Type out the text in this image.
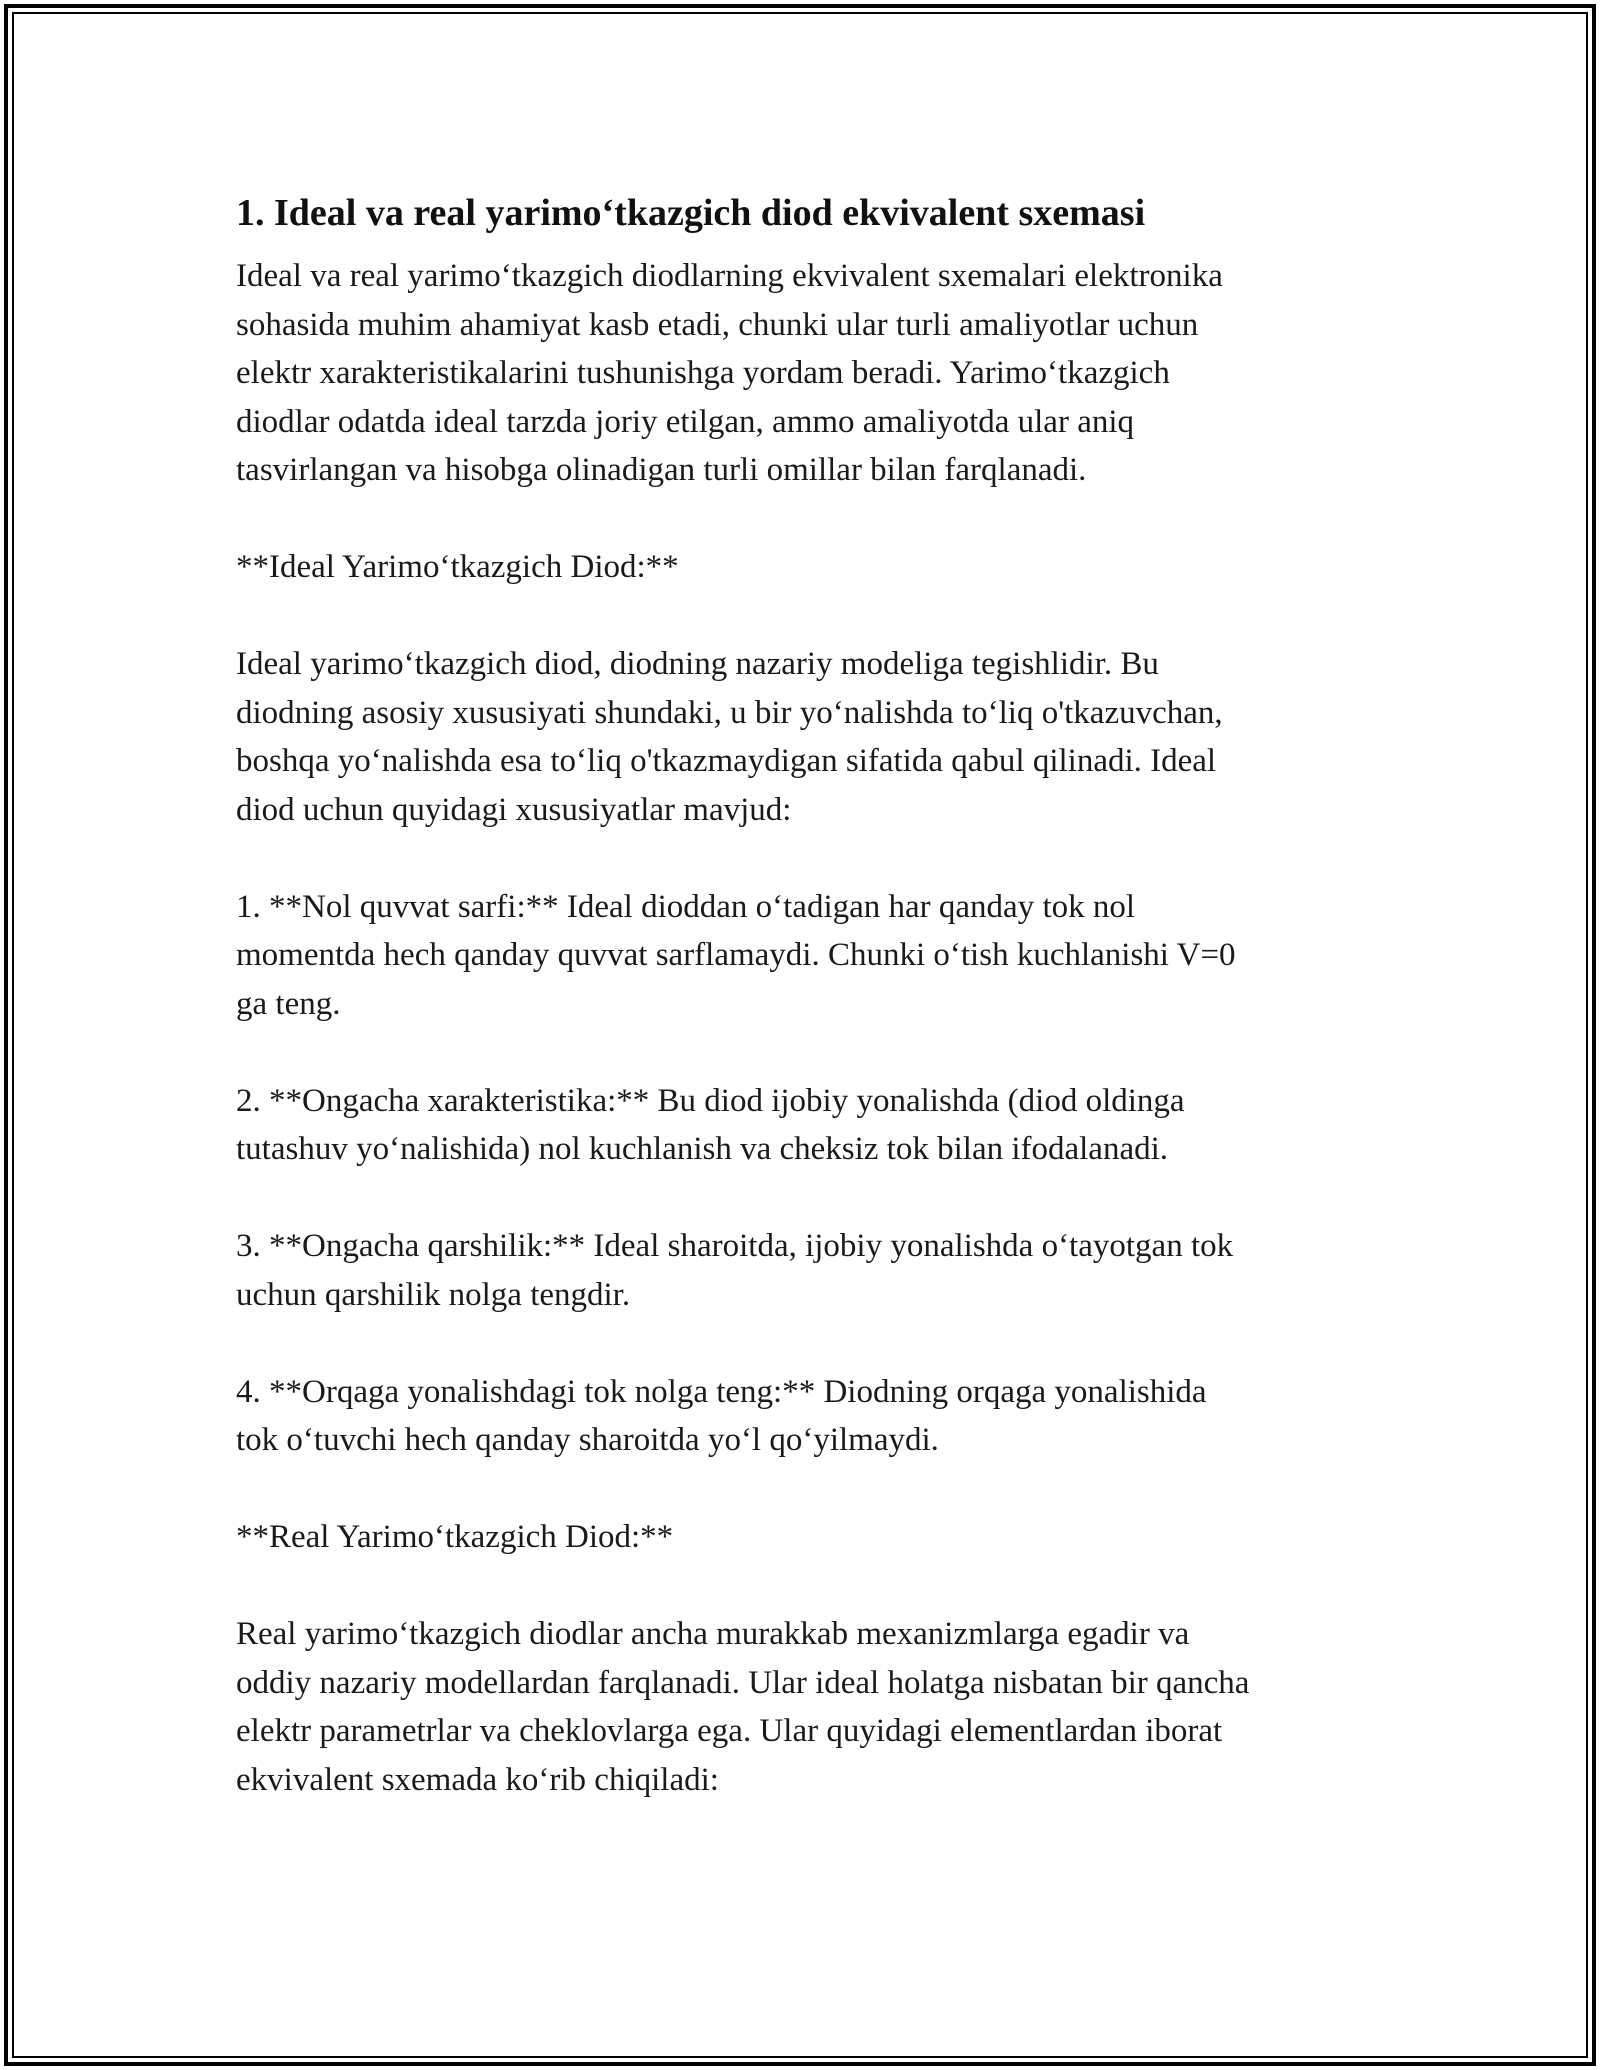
1. Ideal va real yarimo‘tkazgich diod ekvivalent sxemasi
Ideal va real yarimo‘tkazgich diodlarning ekvivalent sxemalari elektronika
sohasida muhim ahamiyat kasb etadi, chunki ular turli amaliyotlar uchun
elektr xarakteristikalarini tushunishga yordam beradi. Yarimo‘tkazgich
diodlar odatda ideal tarzda joriy etilgan, ammo amaliyotda ular aniq
tasvirlangan va hisobga olinadigan turli omillar bilan farqlanadi.
**Ideal Yarimo‘tkazgich Diod:**
Ideal yarimo‘tkazgich diod, diodning nazariy modeliga tegishlidir. Bu
diodning asosiy xususiyati shundaki, u bir yo‘nalishda to‘liq o'tkazuvchan,
boshqa yo‘nalishda esa to‘liq o'tkazmaydigan sifatida qabul qilinadi. Ideal
diod uchun quyidagi xususiyatlar mavjud:
1. **Nol quvvat sarfi:** Ideal dioddan o‘tadigan har qanday tok nol
momentda hech qanday quvvat sarflamaydi. Chunki o‘tish kuchlanishi V=0
ga teng.
2. **Ongacha xarakteristika:** Bu diod ijobiy yonalishda (diod oldinga
tutashuv yo‘nalishida) nol kuchlanish va cheksiz tok bilan ifodalanadi.
3. **Ongacha qarshilik:** Ideal sharoitda, ijobiy yonalishda o‘tayotgan tok
uchun qarshilik nolga tengdir.
4. **Orqaga yonalishdagi tok nolga teng:** Diodning orqaga yonalishida
tok o‘tuvchi hech qanday sharoitda yo‘l qo‘yilmaydi.
**Real Yarimo‘tkazgich Diod:**
Real yarimo‘tkazgich diodlar ancha murakkab mexanizmlarga egadir va
oddiy nazariy modellardan farqlanadi. Ular ideal holatga nisbatan bir qancha
elektr parametrlar va cheklovlarga ega. Ular quyidagi elementlardan iborat
ekvivalent sxemada ko‘rib chiqiladi:
